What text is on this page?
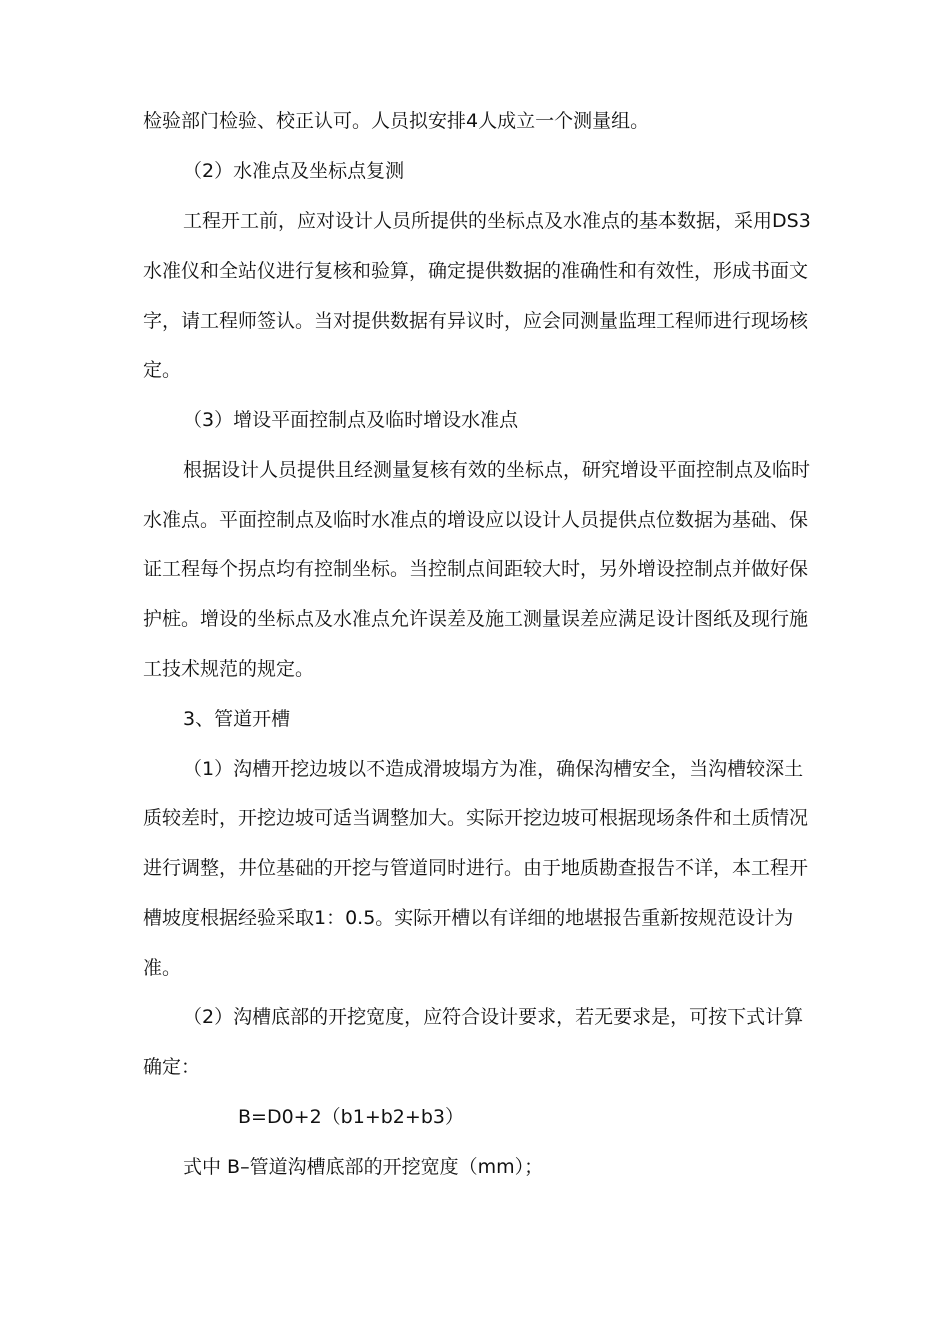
检验部门检验、校正认可。人员拟安排4人成立一个测量组。
（2）水准点及坐标点复测
工程开工前，应对设计人员所提供的坐标点及水准点的基本数据，采用DS3
水准仪和全站仪进行复核和验算，确定提供数据的准确性和有效性，形成书面文
字，请工程师签认。当对提供数据有异议时，应会同测量监理工程师进行现场核
定。
（3）增设平面控制点及临时增设水准点
根据设计人员提供且经测量复核有效的坐标点，研究增设平面控制点及临时
水准点。平面控制点及临时水准点的增设应以设计人员提供点位数据为基础、保
证工程每个拐点均有控制坐标。当控制点间距较大时，另外增设控制点并做好保
护桩。增设的坐标点及水准点允许误差及施工测量误差应满足设计图纸及现行施
工技术规范的规定。
3、管道开槽
（1）沟槽开挖边坡以不造成滑坡塌方为准，确保沟槽安全，当沟槽较深土
质较差时，开挖边坡可适当调整加大。实际开挖边坡可根据现场条件和土质情况
进行调整，井位基础的开挖与管道同时进行。由于地质勘查报告不详，本工程开
槽坡度根据经验采取1：0.5。实际开槽以有详细的地堪报告重新按规范设计为
准。
（2）沟槽底部的开挖宽度，应符合设计要求，若无要求是，可按下式计算
确定：
B=D0+2（b1+b2+b3）
式中 B–管道沟槽底部的开挖宽度（mm）；
